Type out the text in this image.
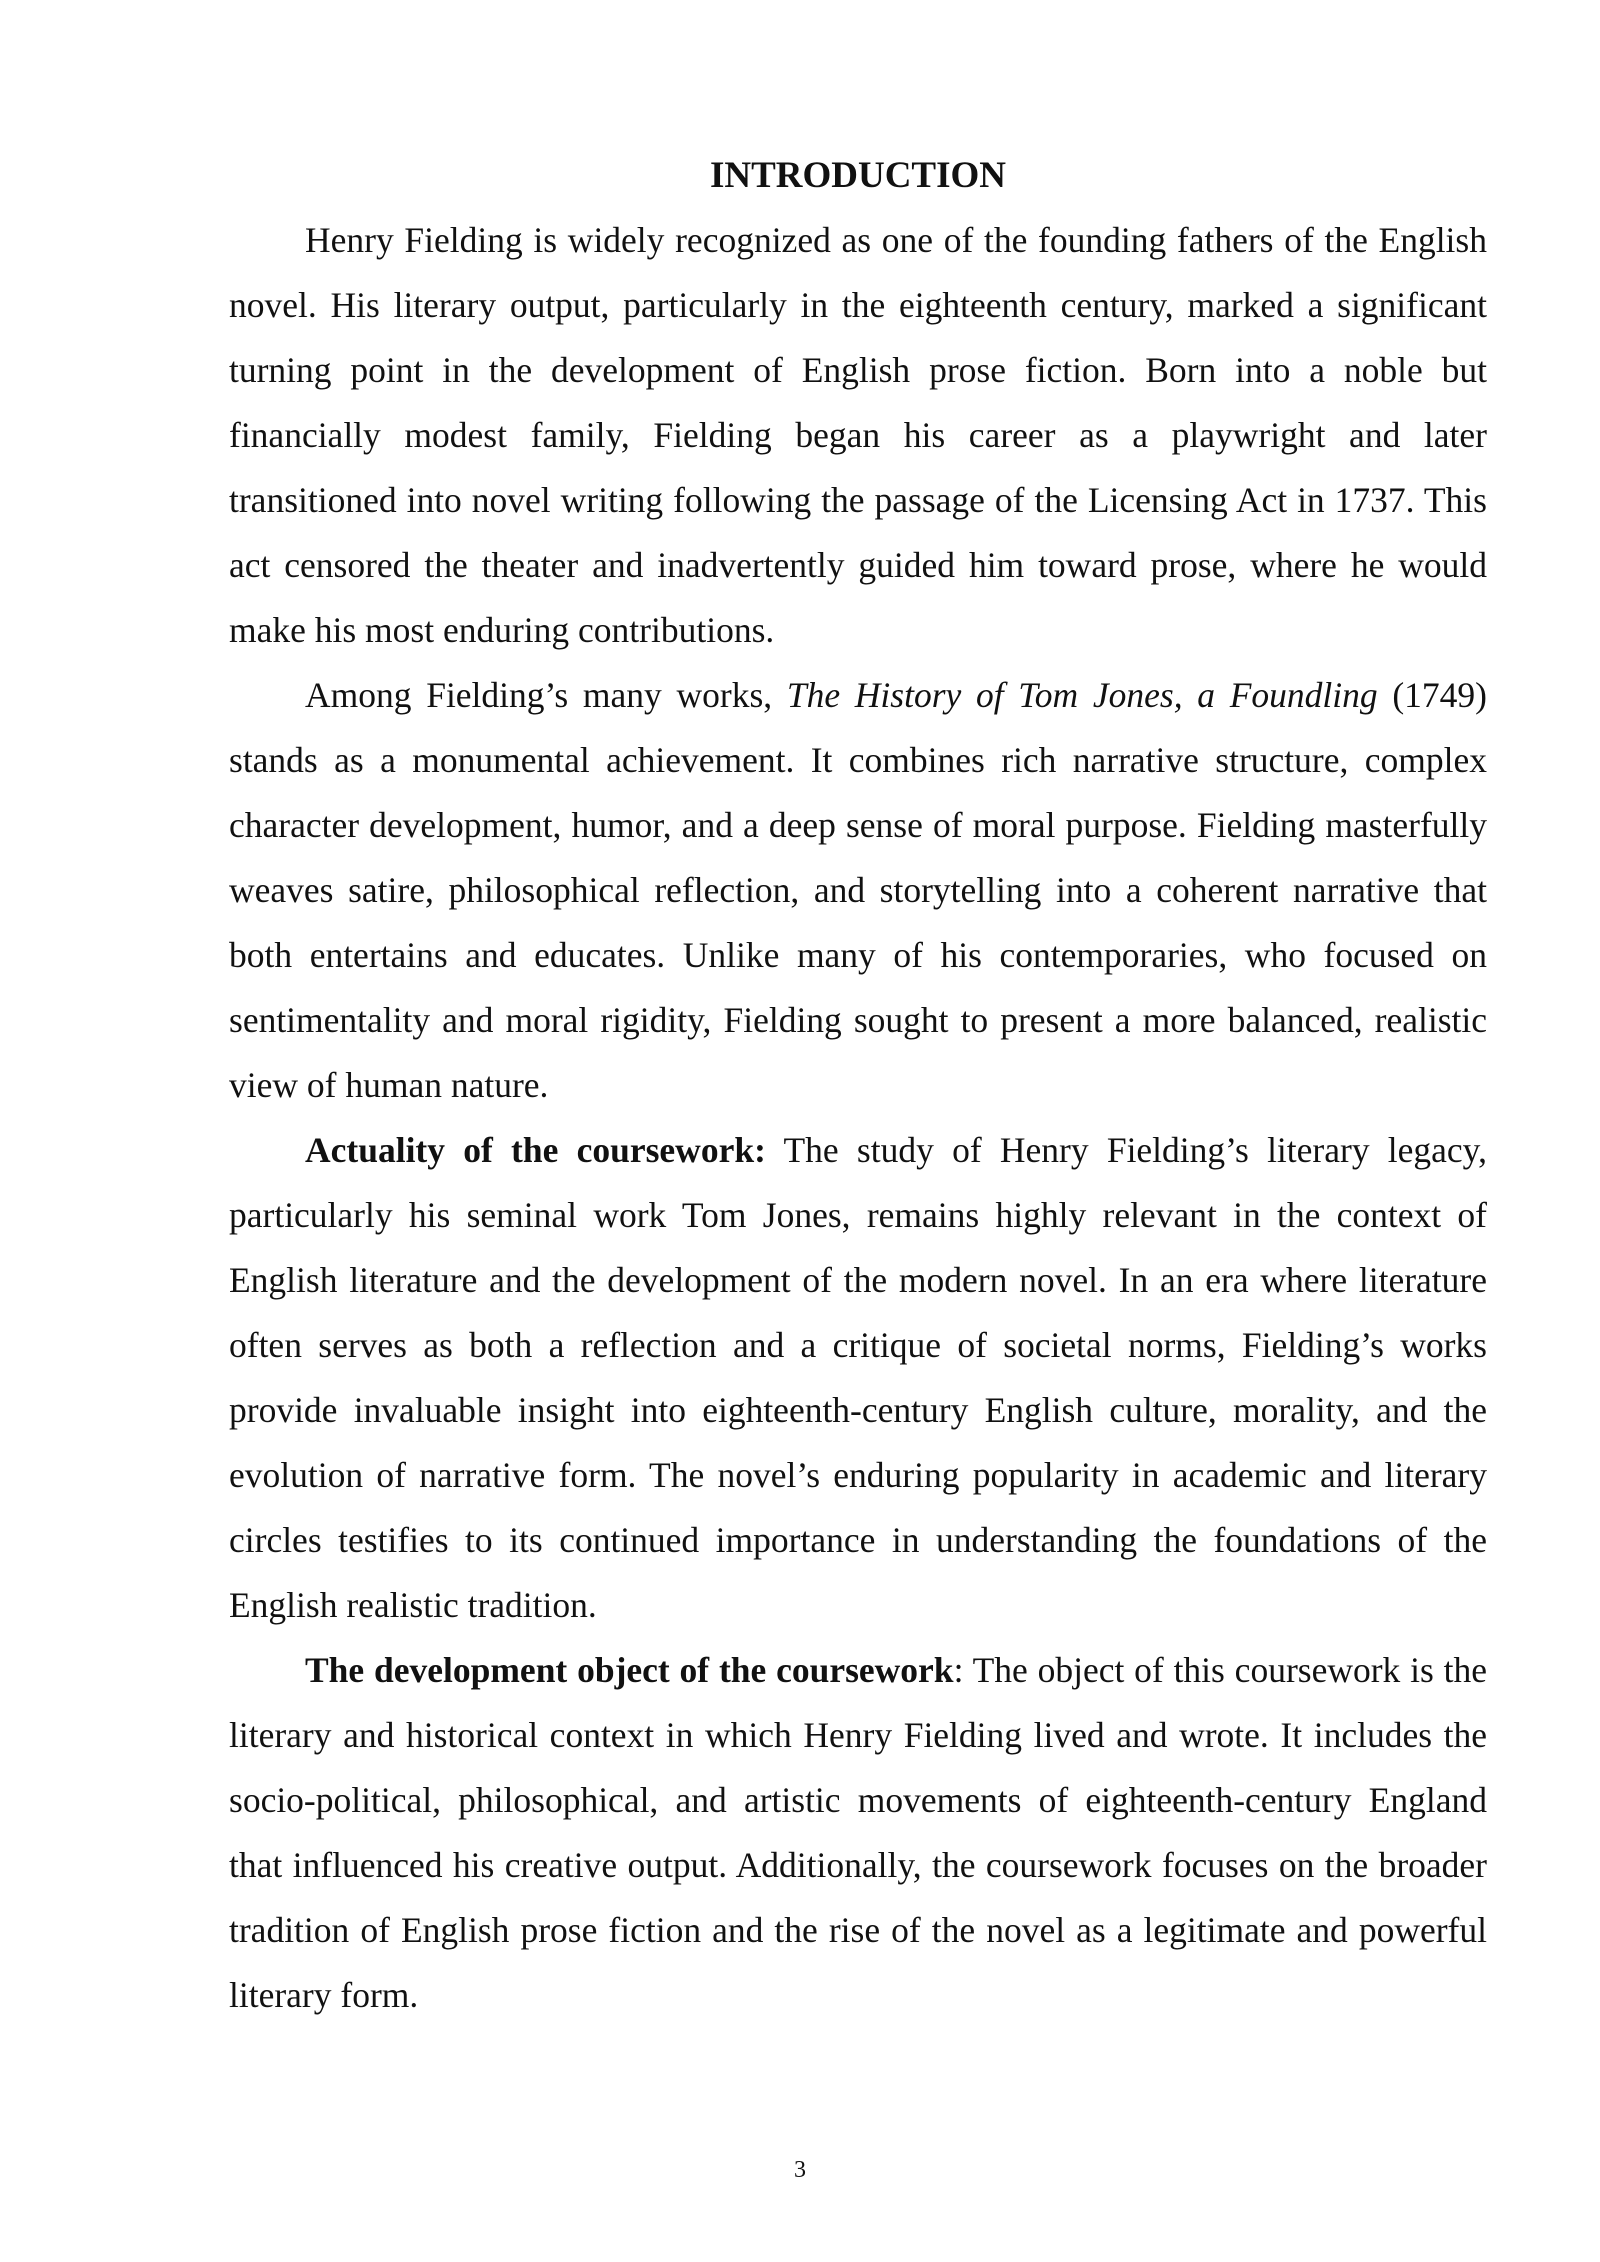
INTRODUCTION

Henry Fielding is widely recognized as one of the founding fathers of the English novel. His literary output, particularly in the eighteenth century, marked a significant turning point in the development of English prose fiction. Born into a noble but financially modest family, Fielding began his career as a playwright and later transitioned into novel writing following the passage of the Licensing Act in 1737. This act censored the theater and inadvertently guided him toward prose, where he would make his most enduring contributions.

Among Fielding’s many works, The History of Tom Jones, a Foundling (1749) stands as a monumental achievement. It combines rich narrative structure, complex character development, humor, and a deep sense of moral purpose. Fielding masterfully weaves satire, philosophical reflection, and storytelling into a coherent narrative that both entertains and educates. Unlike many of his contemporaries, who focused on sentimentality and moral rigidity, Fielding sought to present a more balanced, realistic view of human nature.

Actuality of the coursework: The study of Henry Fielding’s literary legacy, particularly his seminal work Tom Jones, remains highly relevant in the context of English literature and the development of the modern novel. In an era where literature often serves as both a reflection and a critique of societal norms, Fielding’s works provide invaluable insight into eighteenth-century English culture, morality, and the evolution of narrative form. The novel’s enduring popularity in academic and literary circles testifies to its continued importance in understanding the foundations of the English realistic tradition.

The development object of the coursework: The object of this coursework is the literary and historical context in which Henry Fielding lived and wrote. It includes the socio-political, philosophical, and artistic movements of eighteenth-century England that influenced his creative output. Additionally, the coursework focuses on the broader tradition of English prose fiction and the rise of the novel as a legitimate and powerful literary form.

3
